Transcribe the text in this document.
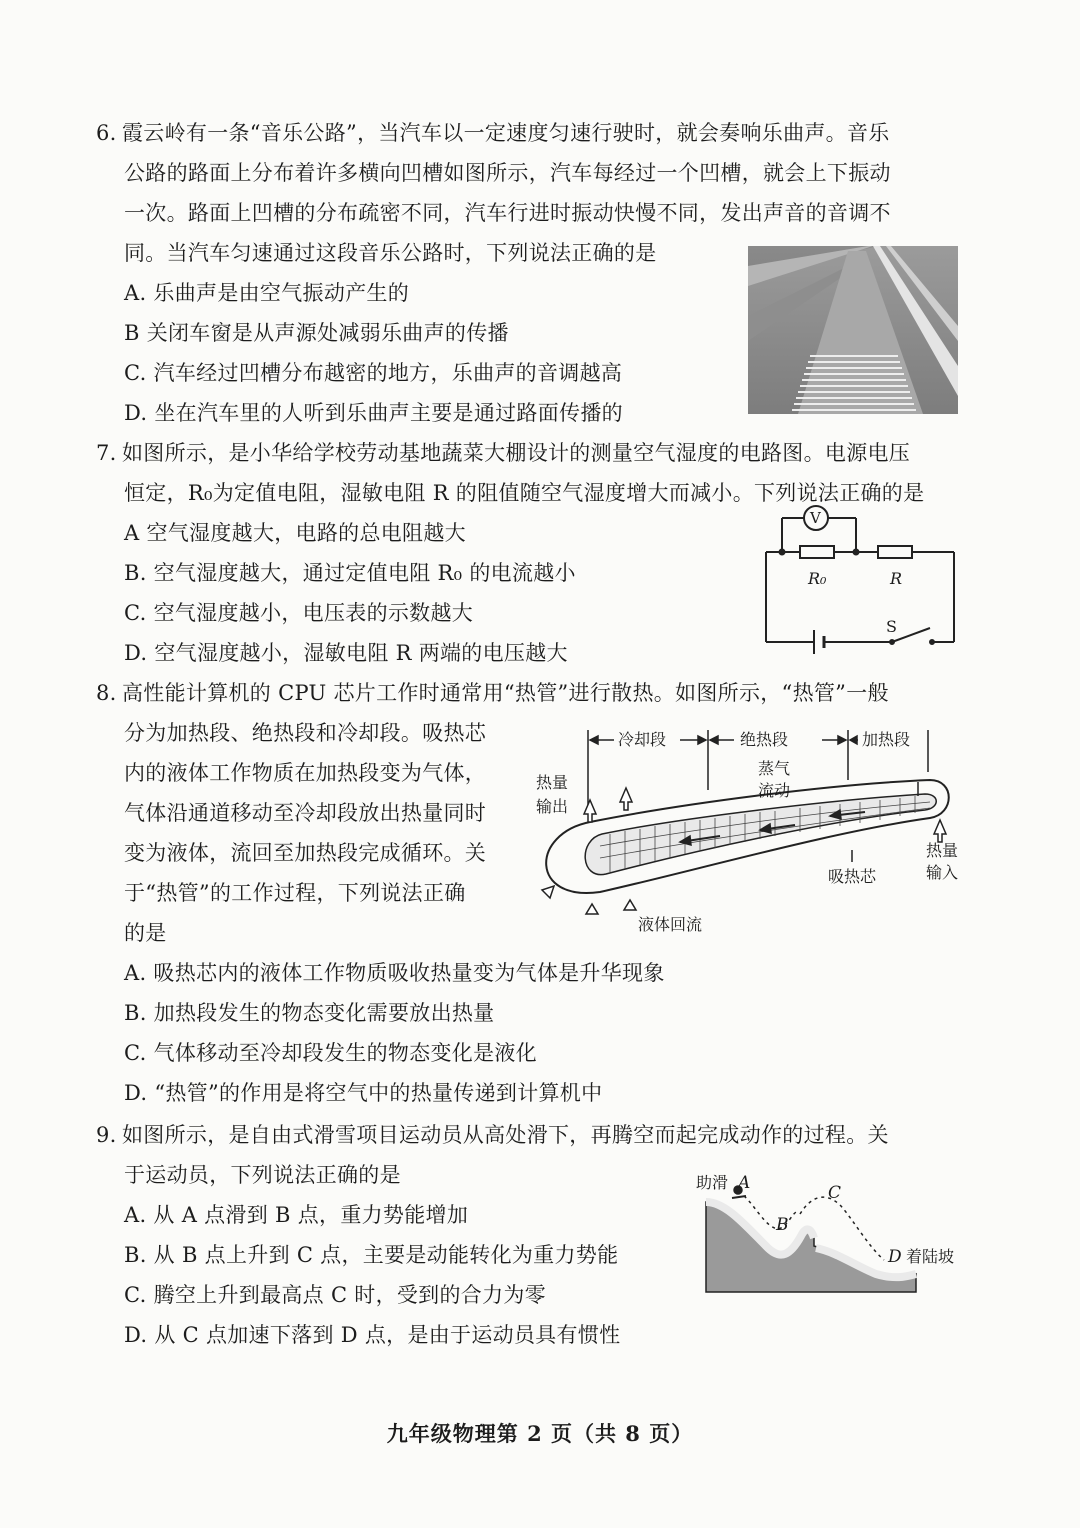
6. 霞云岭有一条“音乐公路”，当汽车以一定速度匀速行驶时，就会奏响乐曲声。音乐
公路的路面上分布着许多横向凹槽如图所示，汽车每经过一个凹槽，就会上下振动
一次。路面上凹槽的分布疏密不同，汽车行进时振动快慢不同，发出声音的音调不
同。当汽车匀速通过这段音乐公路时，下列说法正确的是
A. 乐曲声是由空气振动产生的
B 关闭车窗是从声源处减弱乐曲声的传播
C. 汽车经过凹槽分布越密的地方，乐曲声的音调越高
D. 坐在汽车里的人听到乐曲声主要是通过路面传播的
7. 如图所示，是小华给学校劳动基地蔬菜大棚设计的测量空气湿度的电路图。电源电压
恒定，R₀为定值电阻，湿敏电阻 R 的阻值随空气湿度增大而减小。下列说法正确的是
A 空气湿度越大，电路的总电阻越大
B. 空气湿度越大，通过定值电阻 R₀ 的电流越小
C. 空气湿度越小，电压表的示数越大
D. 空气湿度越小，湿敏电阻 R 两端的电压越大
V
R₀	R
S
8. 高性能计算机的 CPU 芯片工作时通常用“热管”进行散热。如图所示，“热管”一般
分为加热段、绝热段和冷却段。吸热芯
内的液体工作物质在加热段变为气体，
气体沿通道移动至冷却段放出热量同时
变为液体，流回至加热段完成循环。关
于“热管”的工作过程，下列说法正确
的是
A. 吸热芯内的液体工作物质吸收热量变为气体是升华现象
B. 加热段发生的物态变化需要放出热量
C. 气体移动至冷却段发生的物态变化是液化
D. “热管”的作用是将空气中的热量传递到计算机中
冷却段	绝热段	加热段
蒸气
流动
热量
输出
热量
输入
吸热芯
液体回流
9. 如图所示，是自由式滑雪项目运动员从高处滑下，再腾空而起完成动作的过程。关
于运动员，下列说法正确的是
A. 从 A 点滑到 B 点，重力势能增加
B. 从 B 点上升到 C 点，主要是动能转化为重力势能
C. 腾空上升到最高点 C 时，受到的合力为零
D. 从 C 点加速下落到 D 点，是由于运动员具有惯性
助滑 A
B
C
D 着陆坡
九年级物理第 2 页（共 8 页）
